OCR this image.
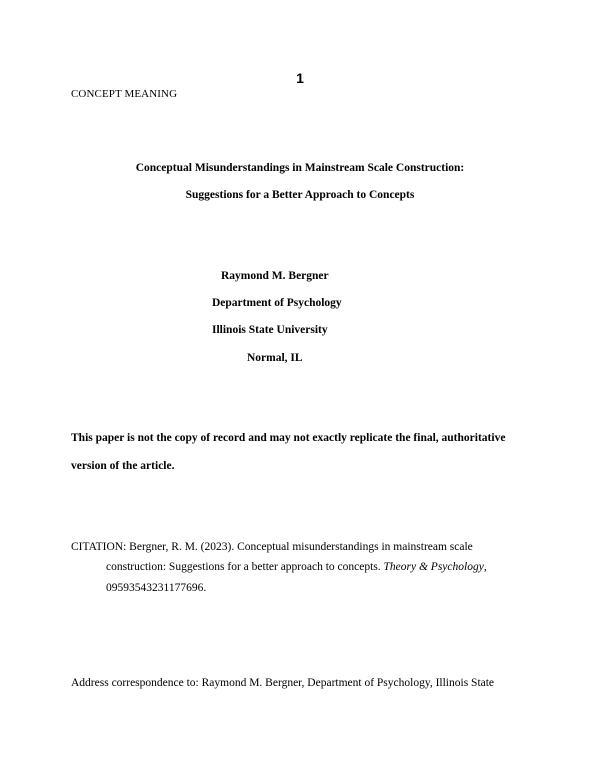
1
CONCEPT MEANING
Conceptual Misunderstandings in Mainstream Scale Construction:
Suggestions for a Better Approach to Concepts
Raymond M. Bergner
Department of Psychology
Illinois State University
Normal, IL
This paper is not the copy of record and may not exactly replicate the final, authoritative
version of the article.
CITATION: Bergner, R. M. (2023). Conceptual misunderstandings in mainstream scale
construction: Suggestions for a better approach to concepts. Theory & Psychology,
09593543231177696.
Address correspondence to: Raymond M. Bergner, Department of Psychology, Illinois State
